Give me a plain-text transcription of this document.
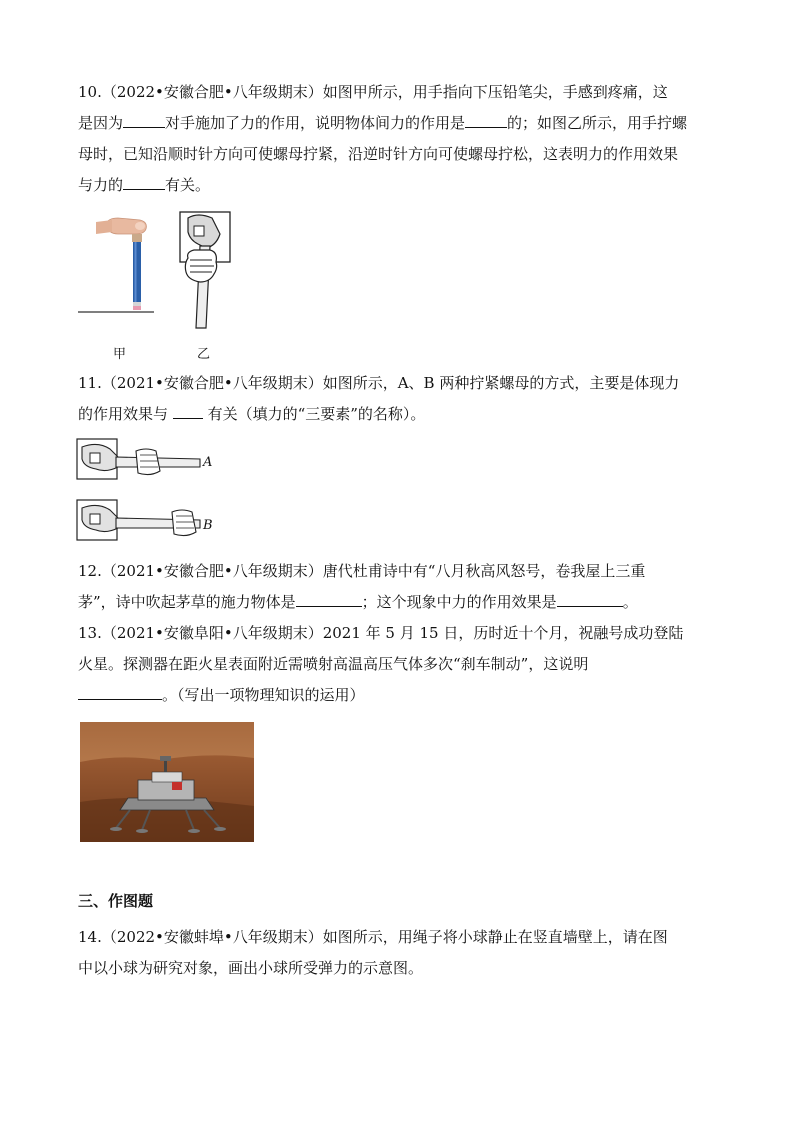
10.（2022•安徽合肥•八年级期末）如图甲所示，用手指向下压铅笔尖，手感到疼痛，这
是因为	对手施加了力的作用，说明物体间力的作用是	的；如图乙所示，用手拧螺
母时，已知沿顺时针方向可使螺母拧紧，沿逆时针方向可使螺母拧松，这表明力的作用效果
与力的	有关。
甲	乙
11.（2021•安徽合肥•八年级期末）如图所示，A、B 两种拧紧螺母的方式，主要是体现力
的作用效果与	有关（填力的“三要素”的名称）。
A
B
12.（2021•安徽合肥•八年级期末）唐代杜甫诗中有“八月秋高风怒号，卷我屋上三重
茅”，诗中吹起茅草的施力物体是	；这个现象中力的作用效果是	。
13.（2021•安徽阜阳•八年级期末）2021 年 5 月 15 日，历时近十个月，祝融号成功登陆
火星。探测器在距火星表面附近需喷射高温高压气体多次“刹车制动”，这说明
。（写出一项物理知识的运用）
三、作图题
14.（2022•安徽蚌埠•八年级期末）如图所示，用绳子将小球静止在竖直墙壁上，请在图
中以小球为研究对象，画出小球所受弹力的示意图。
